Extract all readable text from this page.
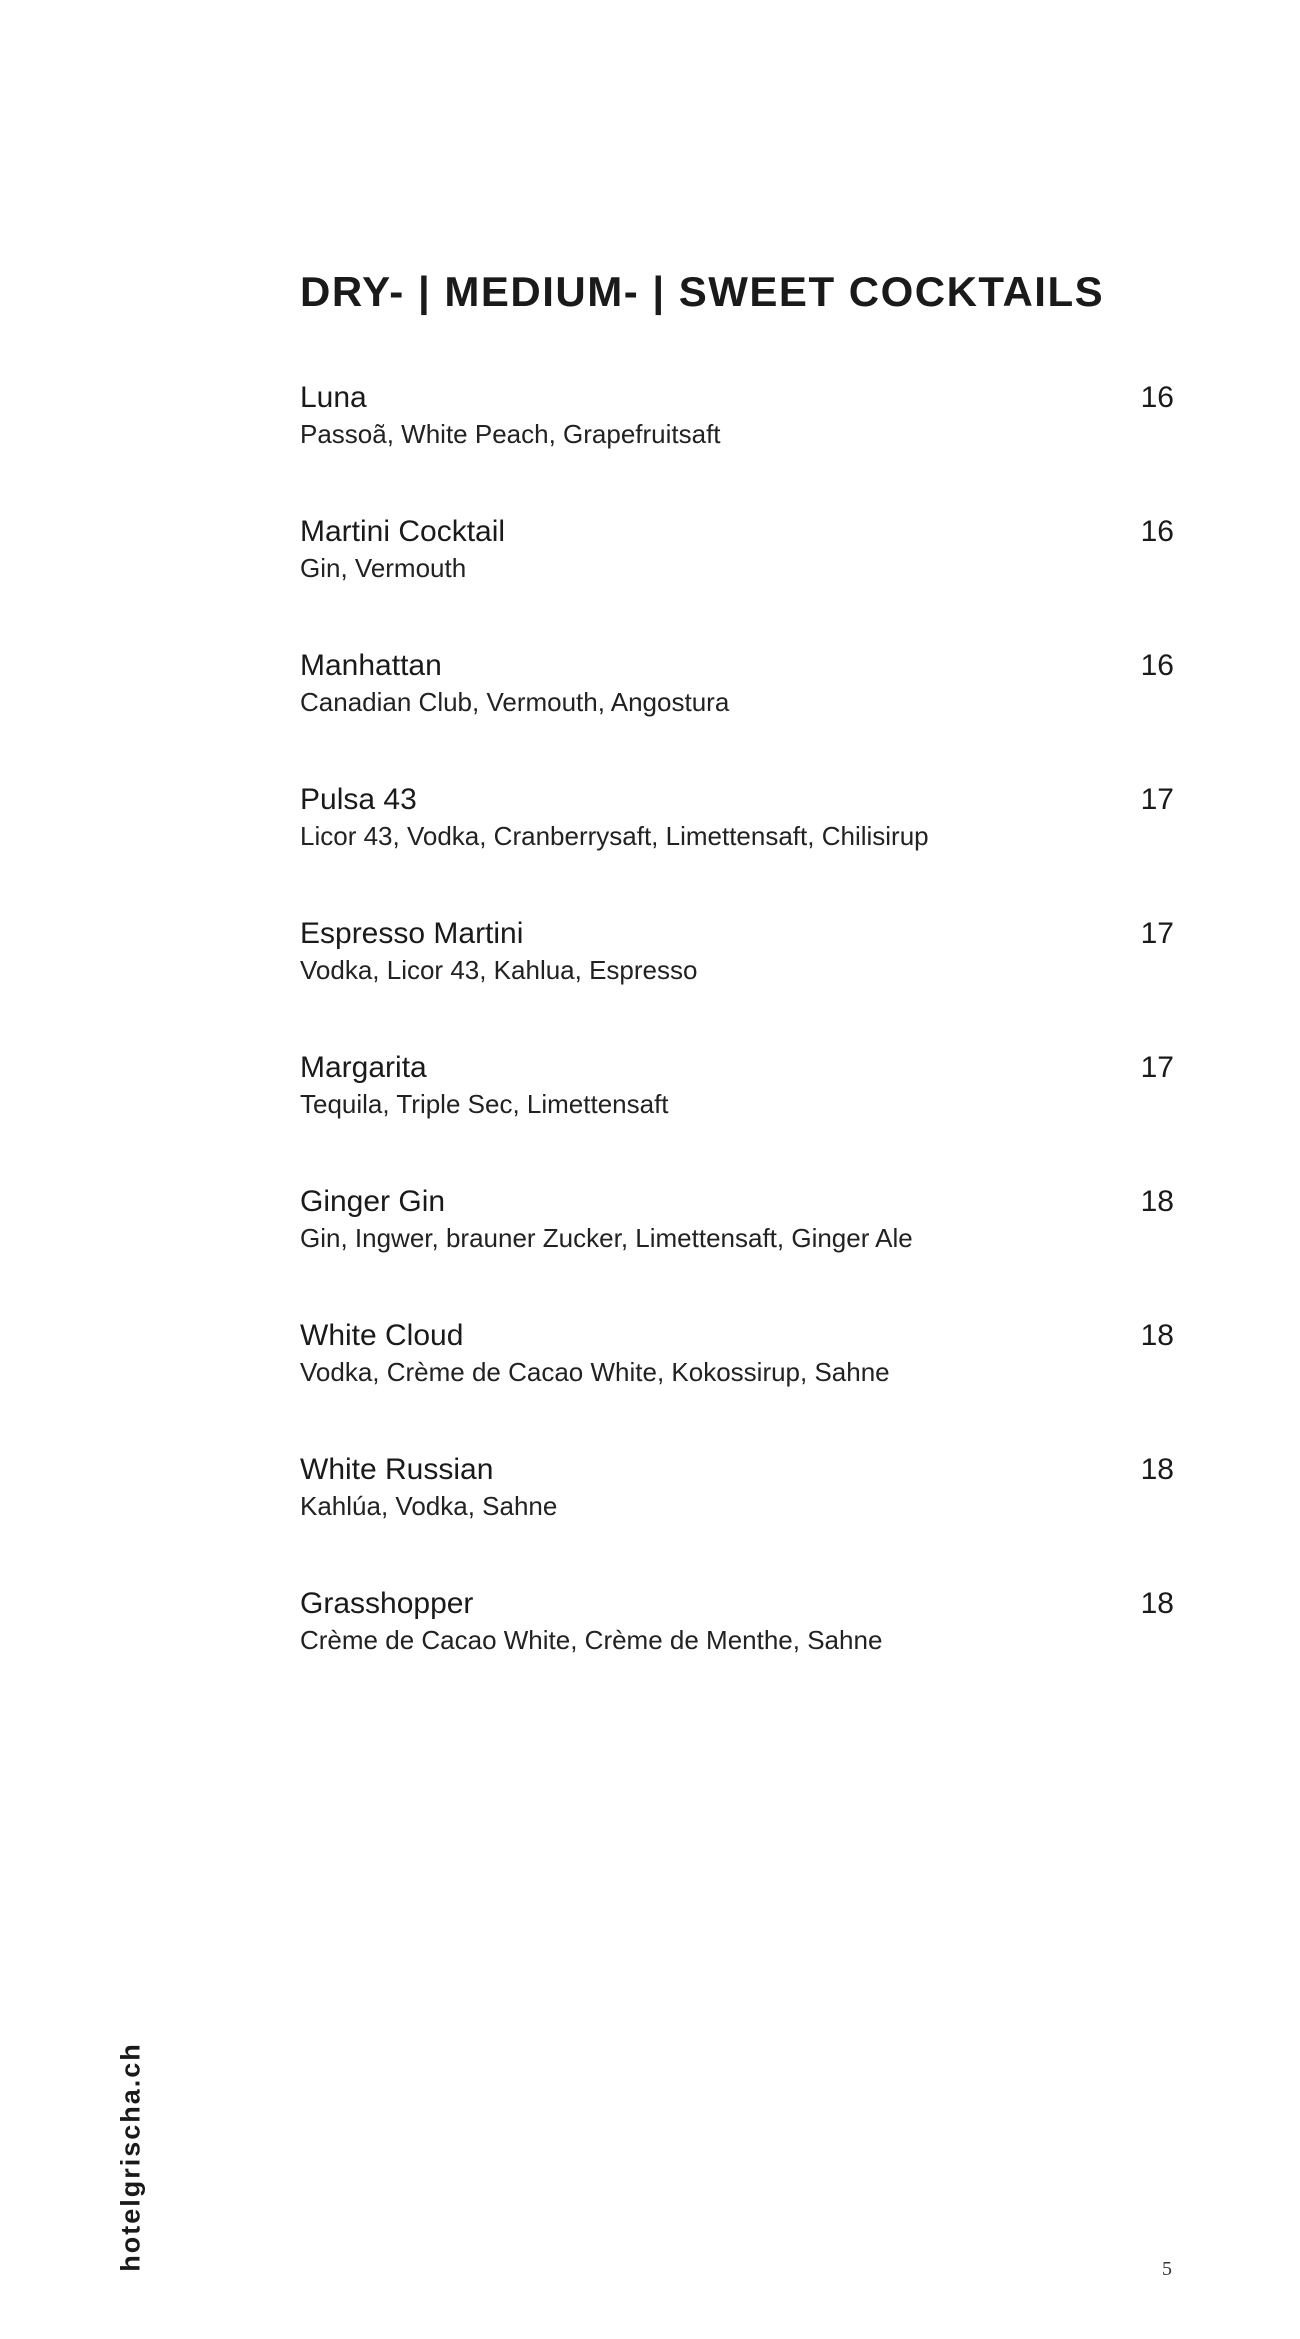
DRY- | MEDIUM- | SWEET COCKTAILS
Luna
Passoã, White Peach, Grapefruitsaft
16
Martini Cocktail
Gin, Vermouth
16
Manhattan
Canadian Club, Vermouth, Angostura
16
Pulsa 43
Licor 43, Vodka, Cranberrysaft, Limettensaft, Chilisirup
17
Espresso Martini
Vodka, Licor 43, Kahlua, Espresso
17
Margarita
Tequila, Triple Sec, Limettensaft
17
Ginger Gin
Gin, Ingwer, brauner Zucker, Limettensaft, Ginger Ale
18
White Cloud
Vodka, Crème de Cacao White, Kokossirup, Sahne
18
White Russian
Kahlúa, Vodka, Sahne
18
Grasshopper
Crème de Cacao White, Crème de Menthe, Sahne
18
hotelgrischa.ch	5
